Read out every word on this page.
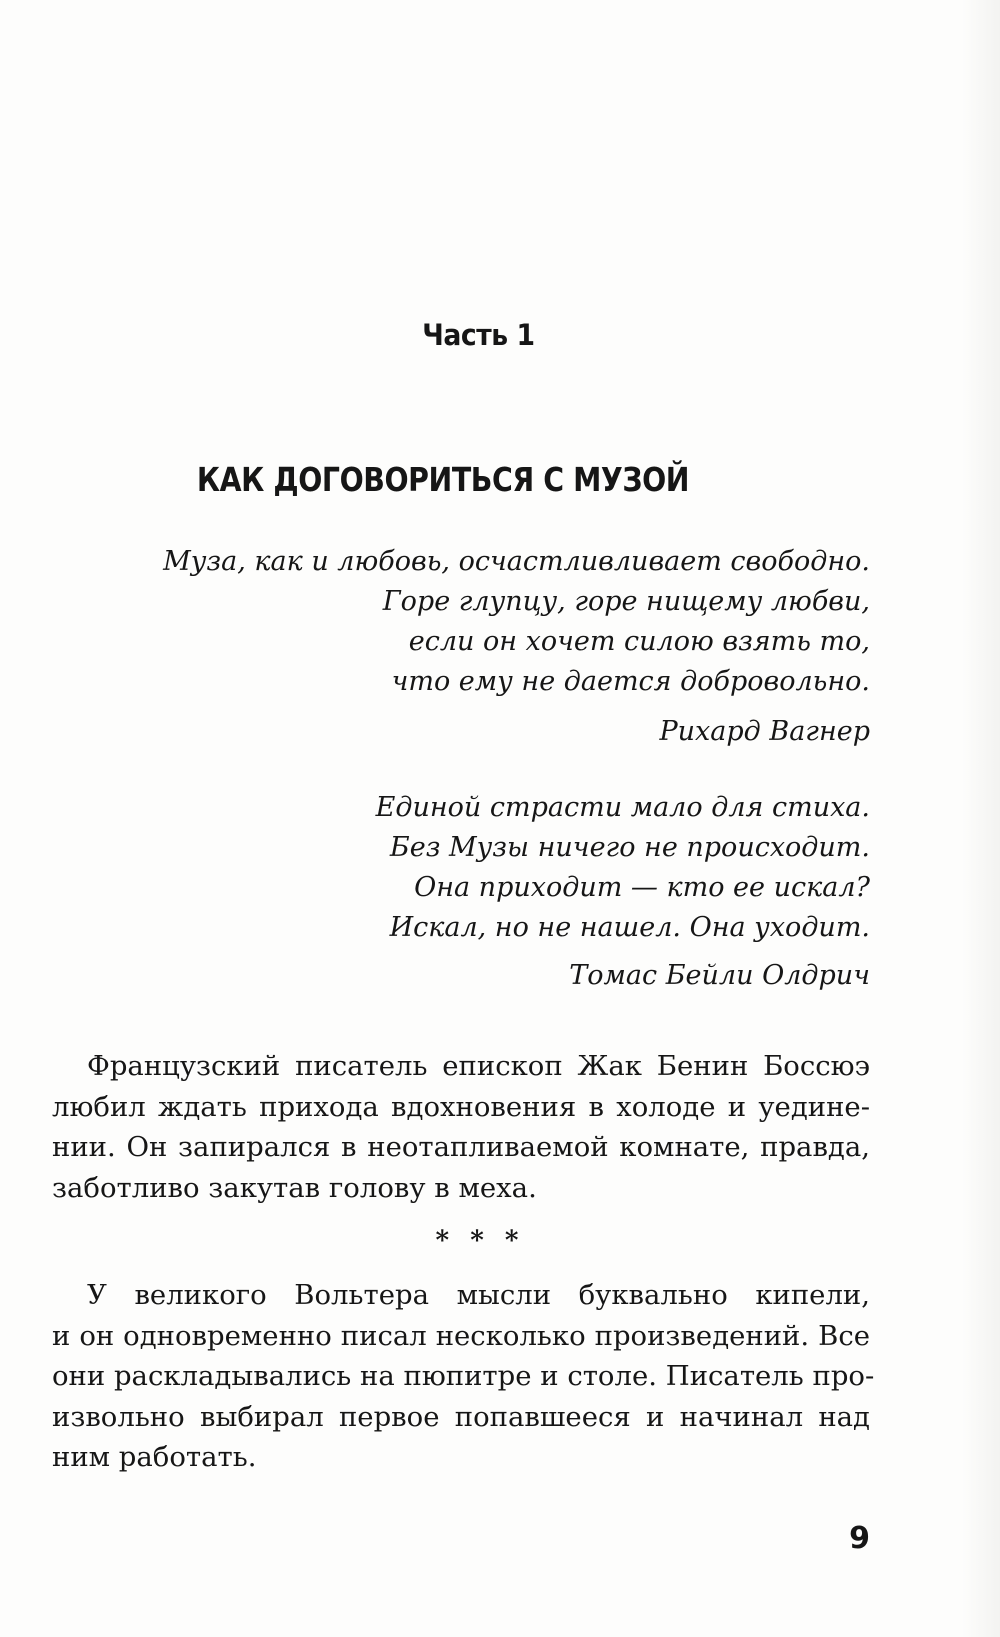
Часть 1
КАК ДОГОВОРИТЬСЯ С МУЗОЙ
Муза, как и любовь, осчастливливает свободно.
Горе глупцу, горе нищему любви,
если он хочет силою взять то,
что ему не дается добровольно.
Рихард Вагнер
Единой страсти мало для стиха.
Без Музы ничего не происходит.
Она приходит — кто ее искал?
Искал, но не нашел. Она уходит.
Томас Бейли Олдрич
Французский писатель епископ Жак Бенин Боссюэ
любил ждать прихода вдохновения в холоде и уедине-
нии. Он запирался в неотапливаемой комнате, правда,
заботливо закутав голову в меха.
* * *
У великого Вольтера мысли буквально кипели,
и он одновременно писал несколько произведений. Все
они раскладывались на пюпитре и столе. Писатель про-
извольно выбирал первое попавшееся и начинал над
ним работать.
9
